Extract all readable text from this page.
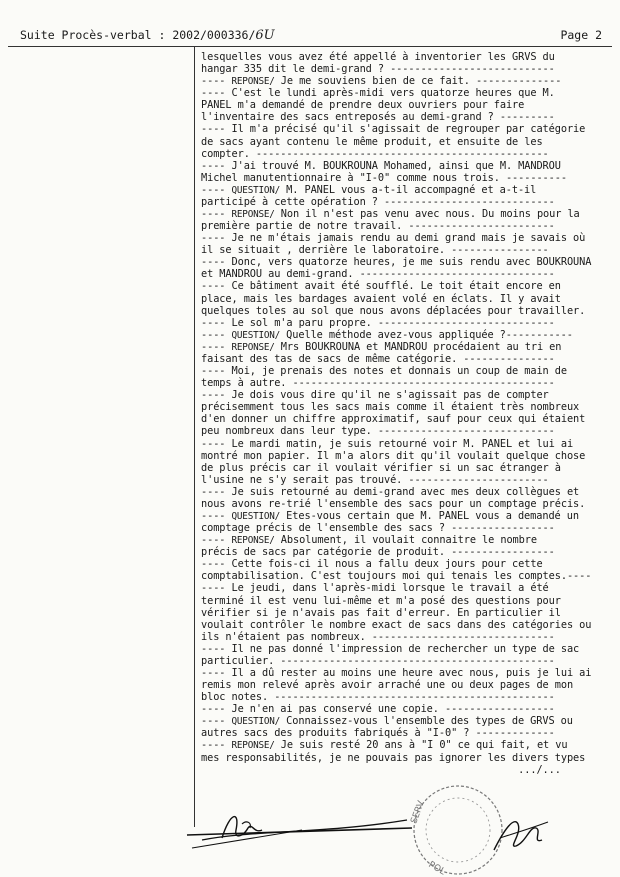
Suite Procès-verbal : 2002/000336/6U	Page 2
lesquelles vous avez été appellé à inventorier les GRVS du
hangar 335 dit le demi-grand ? ---------------------------
---- REPONSE/ Je me souviens bien de ce fait. --------------
---- C'est le lundi après-midi vers quatorze heures que M.
PANEL m'a demandé de prendre deux ouvriers pour faire
l'inventaire des sacs entreposés au demi-grand ? ---------
---- Il m'a précisé qu'il s'agissait de regrouper par catégorie
de sacs ayant contenu le même produit, et ensuite de les
compter. ------------------------------------------------
---- J'ai trouvé M. BOUKROUNA Mohamed, ainsi que M. MANDROU
Michel manutentionnaire à "I-0" comme nous trois. ----------
---- QUESTION/ M. PANEL vous a-t-il accompagné et a-t-il
participé à cette opération ? ----------------------------
---- REPONSE/ Non il n'est pas venu avec nous. Du moins pour la
première partie de notre travail. ------------------------
---- Je ne m'étais jamais rendu au demi grand mais je savais où
il se situait , derrière le laboratoire. ----------------
---- Donc, vers quatorze heures, je me suis rendu avec BOUKROUNA
et MANDROU au demi-grand. --------------------------------
---- Ce bâtiment avait été soufflé. Le toit était encore en
place, mais les bardages avaient volé en éclats. Il y avait
quelques toles au sol que nous avons déplacées pour travailler.
---- Le sol m'a paru propre. -----------------------------
---- QUESTION/ Quelle méthode avez-vous appliquée ?-----------
---- REPONSE/ Mrs BOUKROUNA et MANDROU procédaient au tri en
faisant des tas de sacs de même catégorie. ---------------
---- Moi, je prenais des notes et donnais un coup de main de
temps à autre. -------------------------------------------
---- Je dois vous dire qu'il ne s'agissait pas de compter
précisemment tous les sacs mais comme il étaient très nombreux
d'en donner un chiffre approximatif, sauf pour ceux qui étaient
peu nombreux dans leur type. -----------------------------
---- Le mardi matin, je suis retourné voir M. PANEL et lui ai
montré mon papier. Il m'a alors dit qu'il voulait quelque chose
de plus précis car il voulait vérifier si un sac étranger à
l'usine ne s'y serait pas trouvé. -----------------------
---- Je suis retourné au demi-grand avec mes deux collègues et
nous avons re-trié l'ensemble des sacs pour un comptage précis.
---- QUESTION/ Etes-vous certain que M. PANEL vous a demandé un
comptage précis de l'ensemble des sacs ? -----------------
---- REPONSE/ Absolument, il voulait connaitre le nombre
précis de sacs par catégorie de produit. -----------------
---- Cette fois-ci il nous a fallu deux jours pour cette
comptabilisation. C'est toujours moi qui tenais les comptes.----
---- Le jeudi, dans l'après-midi lorsque le travail a été
terminé il est venu lui-même et m'a posé des questions pour
vérifier si je n'avais pas fait d'erreur. En particulier il
voulait contrôler le nombre exact de sacs dans des catégories ou
ils n'étaient pas nombreux. ------------------------------
---- Il ne pas donné l'impression de rechercher un type de sac
particulier. ---------------------------------------------
---- Il a dû rester au moins une heure avec nous, puis je lui ai
remis mon relevé après avoir arraché une ou deux pages de mon
bloc notes. ----------------------------------------------
---- Je n'en ai pas conservé une copie. ------------------
---- QUESTION/ Connaissez-vous l'ensemble des types de GRVS ou
autres sacs des produits fabriqués à "I-0" ? -------------
---- REPONSE/ Je suis resté 20 ans à "I 0" ce qui fait, et vu
mes responsabilités, je ne pouvais pas ignorer les divers types
.../...
SERV
POL
